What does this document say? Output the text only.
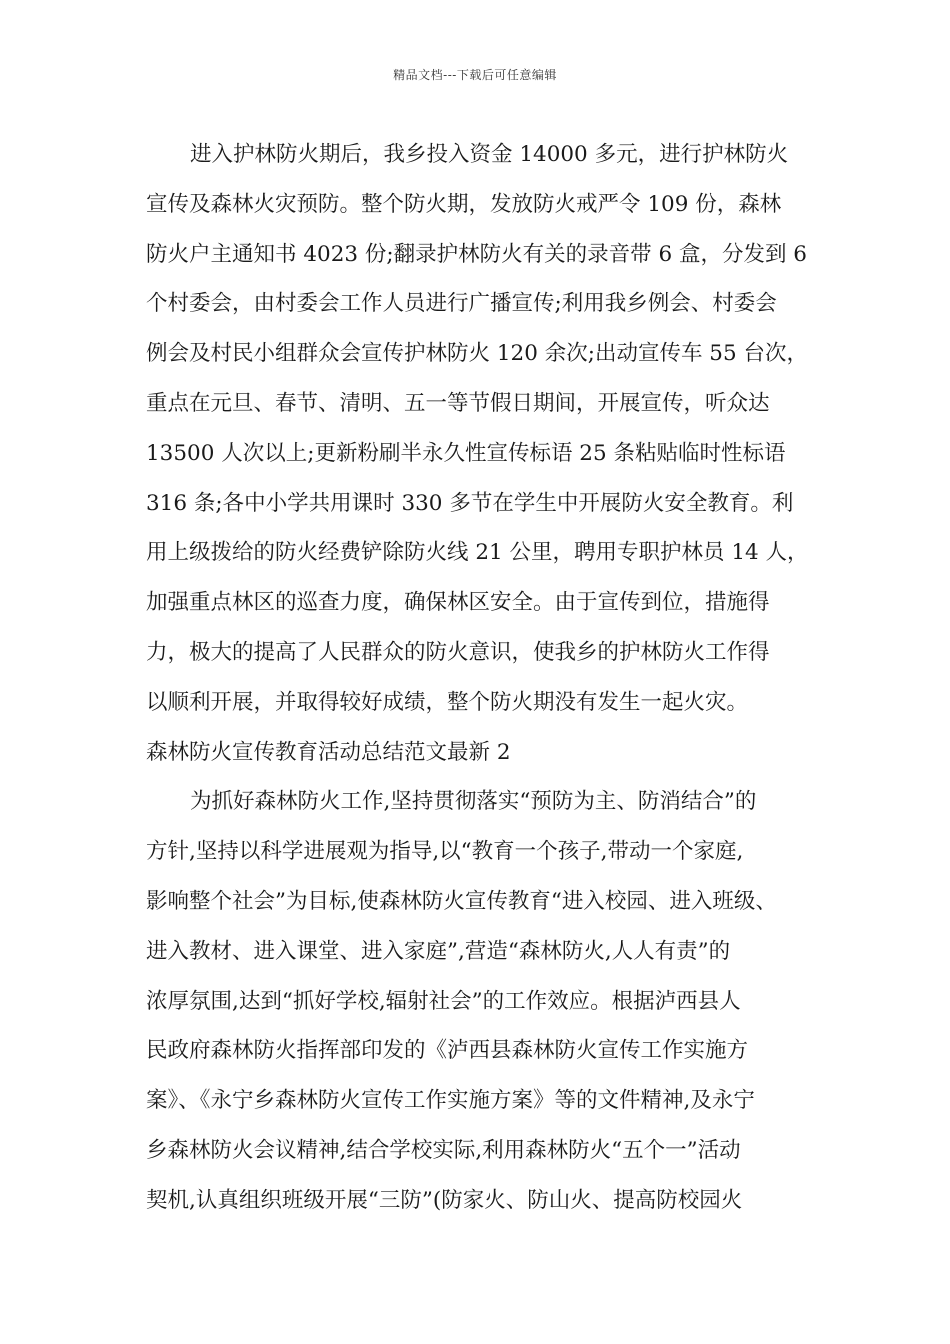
精品文档---下载后可任意编辑
进入护林防火期后，我乡投入资金 14000 多元，进行护林防火
宣传及森林火灾预防。整个防火期，发放防火戒严令 109 份，森林
防火户主通知书 4023 份;翻录护林防火有关的录音带 6 盒，分发到 6
个村委会，由村委会工作人员进行广播宣传;利用我乡例会、村委会
例会及村民小组群众会宣传护林防火 120 余次;出动宣传车 55 台次，
重点在元旦、春节、清明、五一等节假日期间，开展宣传，听众达
13500 人次以上;更新粉刷半永久性宣传标语 25 条粘贴临时性标语
316 条;各中小学共用课时 330 多节在学生中开展防火安全教育。利
用上级拨给的防火经费铲除防火线 21 公里，聘用专职护林员 14 人，
加强重点林区的巡查力度，确保林区安全。由于宣传到位，措施得
力，极大的提高了人民群众的防火意识，使我乡的护林防火工作得
以顺利开展，并取得较好成绩，整个防火期没有发生一起火灾。
森林防火宣传教育活动总结范文最新 2
为抓好森林防火工作,坚持贯彻落实“预防为主、防消结合”的
方针,坚持以科学进展观为指导,以“教育一个孩子,带动一个家庭,
影响整个社会”为目标,使森林防火宣传教育“进入校园、进入班级、
进入教材、进入课堂、进入家庭”,营造“森林防火,人人有责”的
浓厚氛围,达到“抓好学校,辐射社会”的工作效应。根据泸西县人
民政府森林防火指挥部印发的《泸西县森林防火宣传工作实施方
案》、《永宁乡森林防火宣传工作实施方案》等的文件精神,及永宁
乡森林防火会议精神,结合学校实际,利用森林防火“五个一”活动
契机,认真组织班级开展“三防”(防家火、防山火、提高防校园火
